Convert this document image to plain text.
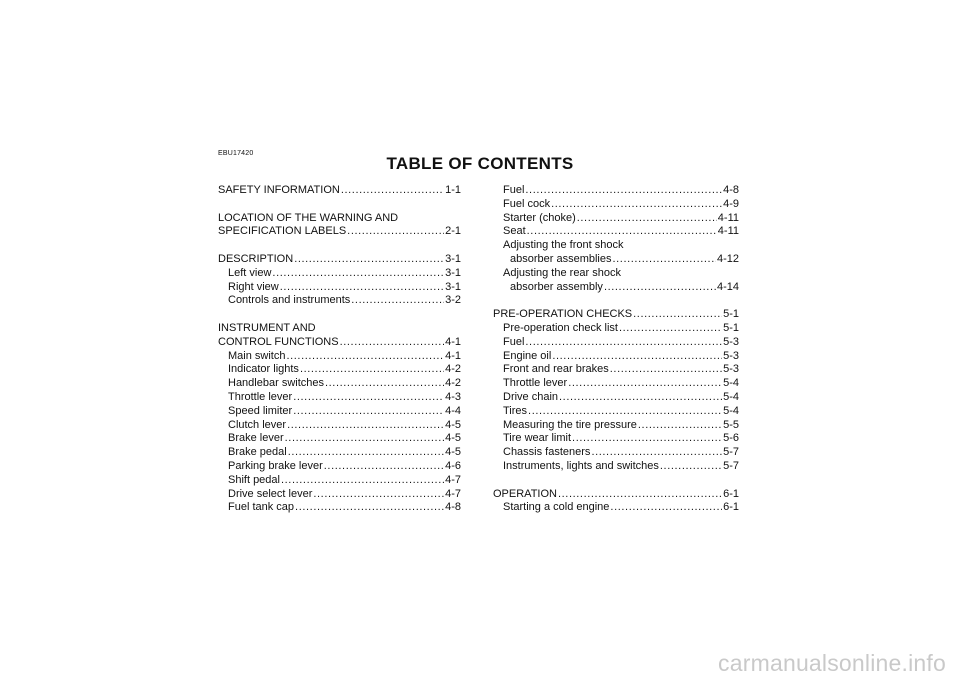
EBU17420
TABLE OF CONTENTS
SAFETY INFORMATION .....	1-1
LOCATION OF THE WARNING AND
SPECIFICATION LABELS .....	2-1
DESCRIPTION .....	3-1
Left view .....	3-1
Right view .....	3-1
Controls and instruments .....	3-2
INSTRUMENT AND
CONTROL FUNCTIONS .....	4-1
Main switch .....	4-1
Indicator lights .....	4-2
Handlebar switches .....	4-2
Throttle lever .....	4-3
Speed limiter .....	4-4
Clutch lever .....	4-5
Brake lever .....	4-5
Brake pedal .....	4-5
Parking brake lever .....	4-6
Shift pedal .....	4-7
Drive select lever .....	4-7
Fuel tank cap .....	4-8
Fuel .....	4-8
Fuel cock .....	4-9
Starter (choke) .....	4-11
Seat .....	4-11
Adjusting the front shock
absorber assemblies .....	4-12
Adjusting the rear shock
absorber assembly .....	4-14
PRE-OPERATION CHECKS .....	5-1
Pre-operation check list .....	5-1
Fuel .....	5-3
Engine oil .....	5-3
Front and rear brakes .....	5-3
Throttle lever .....	5-4
Drive chain .....	5-4
Tires .....	5-4
Measuring the tire pressure .....	5-5
Tire wear limit .....	5-6
Chassis fasteners .....	5-7
Instruments, lights and switches .....	5-7
OPERATION .....	6-1
Starting a cold engine .....	6-1
carmanualsonline.info
